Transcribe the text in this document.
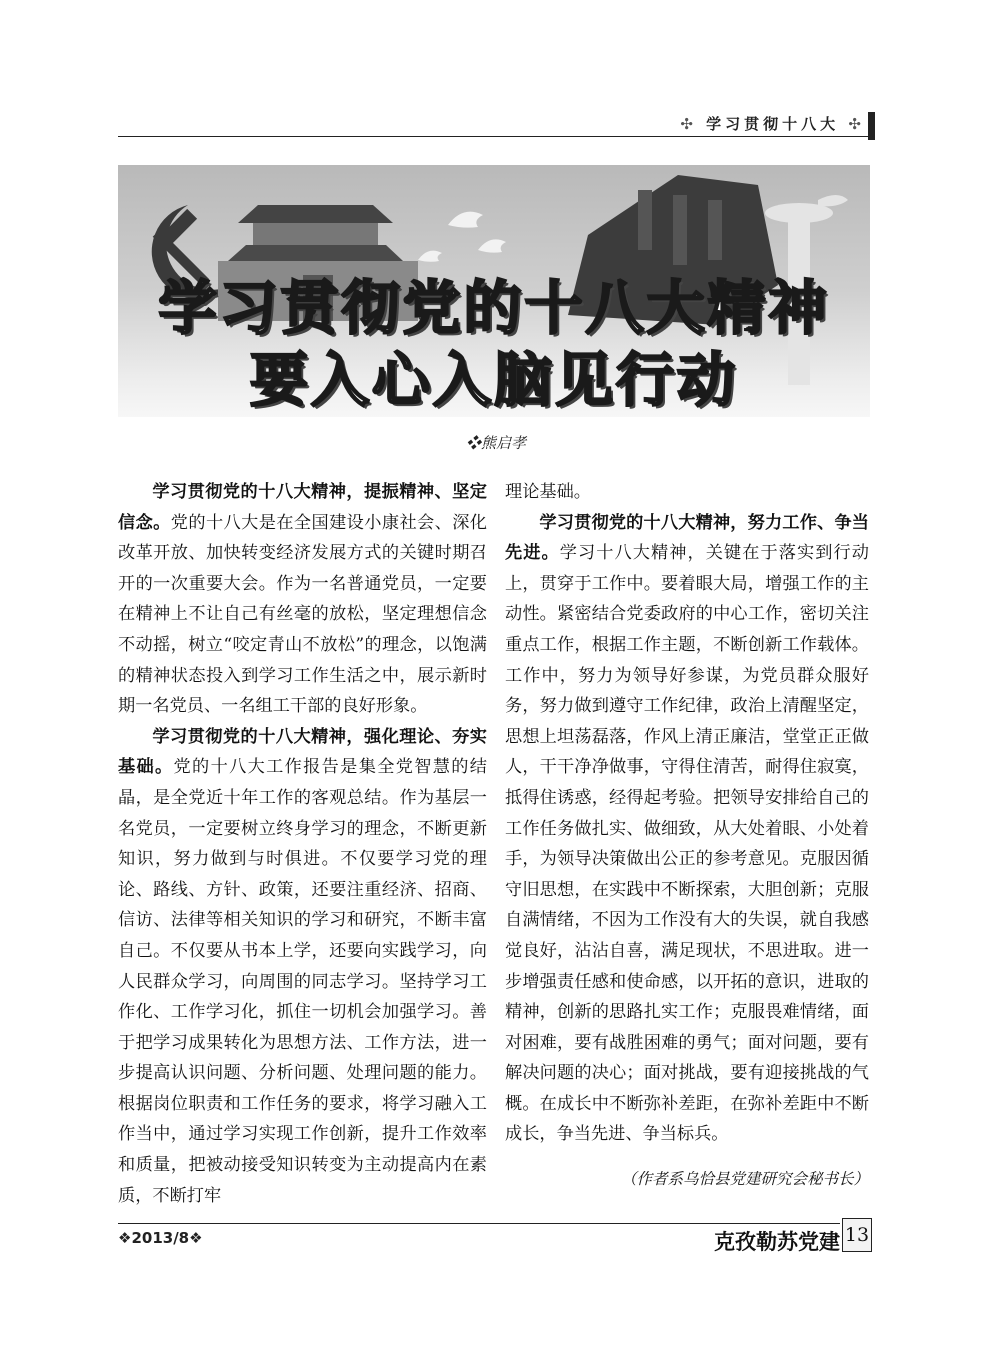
✣ 学习贯彻十八大 ✣
学习贯彻党的十八大精神
要入心入脑见行动
❖熊启孝

学习贯彻党的十八大精神，提振精神、坚定信念。党的十八大是在全国建设小康社会、深化改革开放、加快转变经济发展方式的关键时期召开的一次重要大会。作为一名普通党员，一定要在精神上不让自己有丝毫的放松，坚定理想信念不动摇，树立“咬定青山不放松”的理念，以饱满的精神状态投入到学习工作生活之中，展示新时期一名党员、一名组工干部的良好形象。

学习贯彻党的十八大精神，强化理论、夯实基础。党的十八大工作报告是集全党智慧的结晶，是全党近十年工作的客观总结。作为基层一名党员，一定要树立终身学习的理念，不断更新知识，努力做到与时俱进。不仅要学习党的理论、路线、方针、政策，还要注重经济、招商、信访、法律等相关知识的学习和研究，不断丰富自己。不仅要从书本上学，还要向实践学习，向人民群众学习，向周围的同志学习。坚持学习工作化、工作学习化，抓住一切机会加强学习。善于把学习成果转化为思想方法、工作方法，进一步提高认识问题、分析问题、处理问题的能力。根据岗位职责和工作任务的要求，将学习融入工作当中，通过学习实现工作创新，提升工作效率和质量，把被动接受知识转变为主动提高内在素质，不断打牢

理论基础。

学习贯彻党的十八大精神，努力工作、争当先进。学习十八大精神，关键在于落实到行动上，贯穿于工作中。要着眼大局，增强工作的主动性。紧密结合党委政府的中心工作，密切关注重点工作，根据工作主题，不断创新工作载体。工作中，努力为领导好参谋，为党员群众服好务，努力做到遵守工作纪律，政治上清醒坚定，思想上坦荡磊落，作风上清正廉洁，堂堂正正做人，干干净净做事，守得住清苦，耐得住寂寞，抵得住诱惑，经得起考验。把领导安排给自己的工作任务做扎实、做细致，从大处着眼、小处着手，为领导决策做出公正的参考意见。克服因循守旧思想，在实践中不断探索，大胆创新；克服自满情绪，不因为工作没有大的失误，就自我感觉良好，沾沾自喜，满足现状，不思进取。进一步增强责任感和使命感，以开拓的意识，进取的精神，创新的思路扎实工作；克服畏难情绪，面对困难，要有战胜困难的勇气；面对问题，要有解决问题的决心；面对挑战，要有迎接挑战的气概。在成长中不断弥补差距，在弥补差距中不断成长，争当先进、争当标兵。

（作者系乌恰县党建研究会秘书长）
❖2013/8❖	克孜勒苏党建 13
